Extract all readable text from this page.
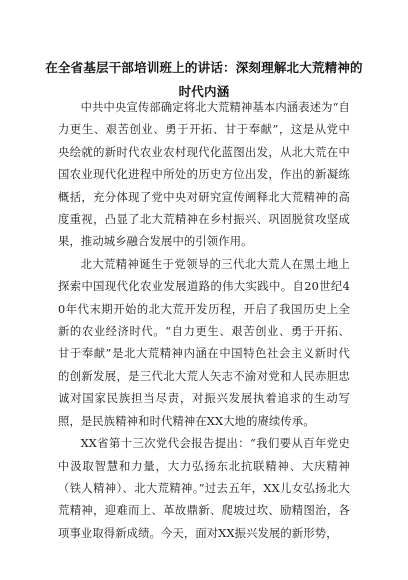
在全省基层干部培训班上的讲话：深刻理解北大荒精神的
时代内涵

中共中央宣传部确定将北大荒精神基本内涵表述为“自力更生、艰苦创业、勇于开拓、甘于奉献”，这是从党中央绘就的新时代农业农村现代化蓝图出发，从北大荒在中国农业现代化进程中所处的历史方位出发，作出的新凝练概括，充分体现了党中央对研究宣传阐释北大荒精神的高度重视，凸显了北大荒精神在乡村振兴、巩固脱贫攻坚成果，推动城乡融合发展中的引领作用。

北大荒精神诞生于党领导的三代北大荒人在黑土地上探索中国现代化农业发展道路的伟大实践中。自20世纪40年代末期开始的北大荒开发历程，开启了我国历史上全新的农业经济时代。“自力更生、艰苦创业、勇于开拓、甘于奉献”是北大荒精神内涵在中国特色社会主义新时代的创新发展，是三代北大荒人矢志不渝对党和人民赤胆忠诚对国家民族担当尽责，对振兴发展执着追求的生动写照，是民族精神和时代精神在XX大地的赓续传承。

XX省第十三次党代会报告提出：“我们要从百年党史中汲取智慧和力量，大力弘扬东北抗联精神、大庆精神（铁人精神）、北大荒精神。”过去五年，XX儿女弘扬北大荒精神，迎难而上、革故鼎新、爬坡过坎、励精图治，各项事业取得新成绩。今天，面对XX振兴发展的新形势，
